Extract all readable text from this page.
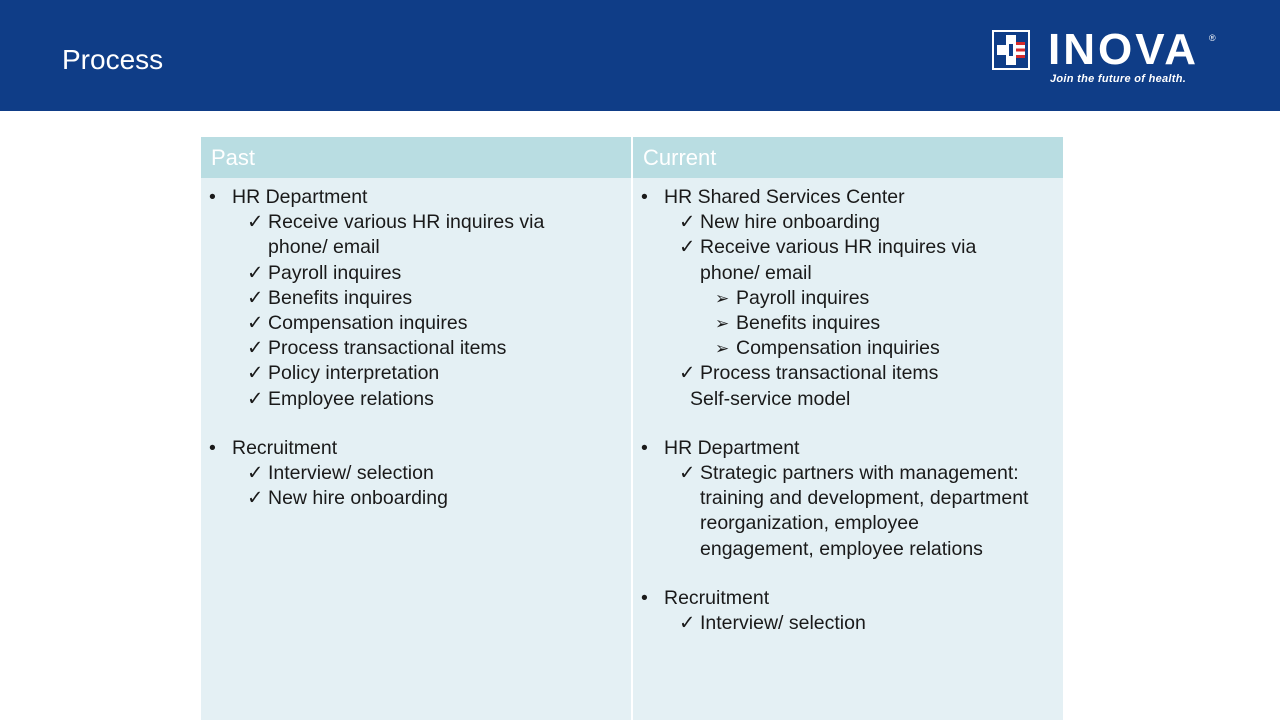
Process	INOVA ®
Join the future of health.
Past
• HR Department
✓ Receive various HR inquires via
phone/ email
✓ Payroll inquires
✓ Benefits inquires
✓ Compensation inquires
✓ Process transactional items
✓ Policy interpretation
✓ Employee relations
• Recruitment
✓ Interview/ selection
✓ New hire onboarding
Current
• HR Shared Services Center
✓ New hire onboarding
✓ Receive various HR inquires via
phone/ email
➢ Payroll inquires
➢ Benefits inquires
➢ Compensation inquiries
✓ Process transactional items
Self-service model
• HR Department
✓ Strategic partners with management:
training and development, department
reorganization, employee
engagement, employee relations
• Recruitment
✓ Interview/ selection
